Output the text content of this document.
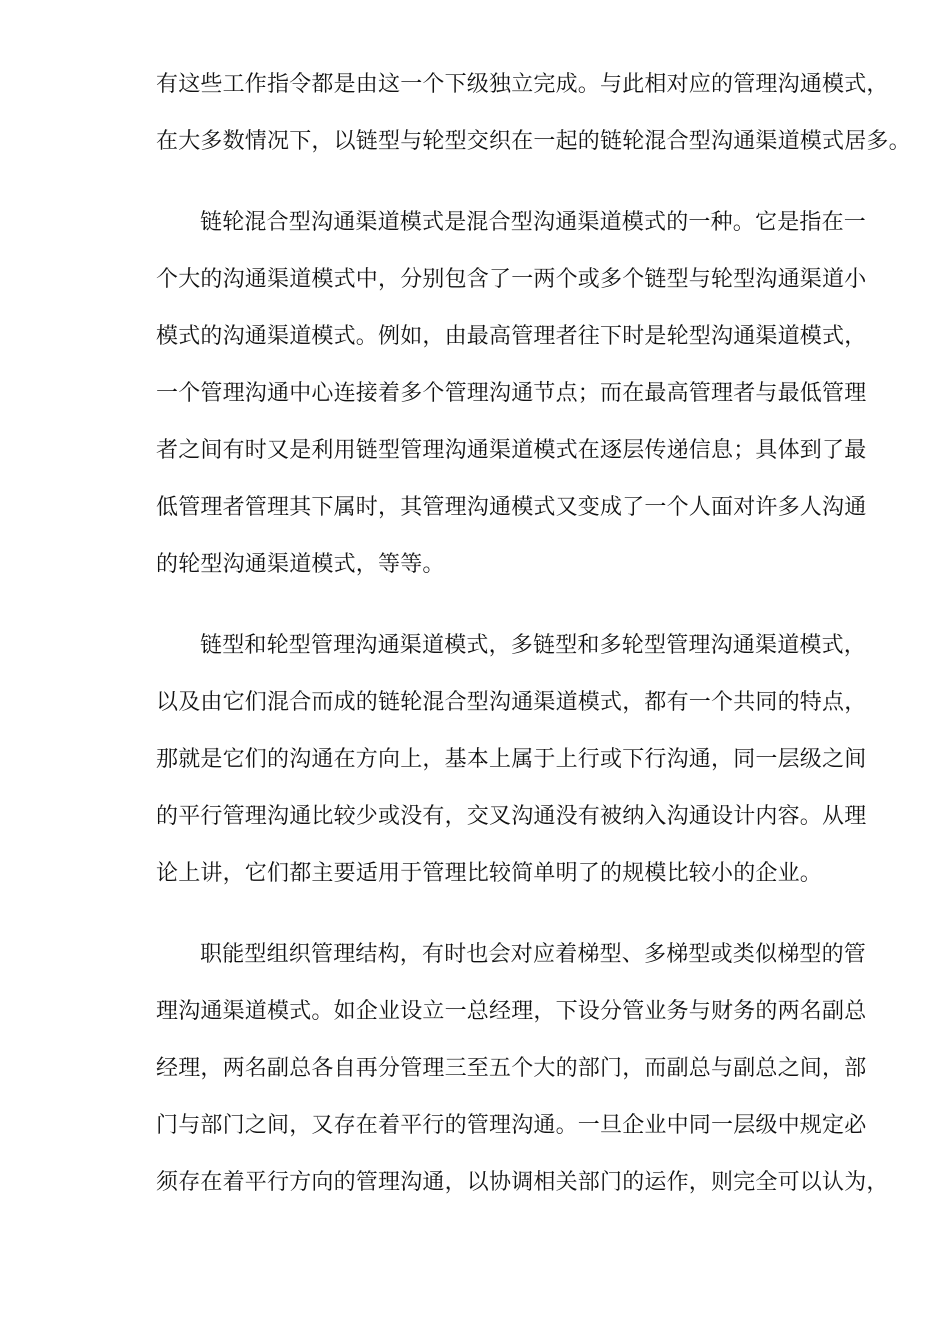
有这些工作指令都是由这一个下级独立完成。与此相对应的管理沟通模式，
在大多数情况下，以链型与轮型交织在一起的链轮混合型沟通渠道模式居多。
链轮混合型沟通渠道模式是混合型沟通渠道模式的一种。它是指在一
个大的沟通渠道模式中，分别包含了一两个或多个链型与轮型沟通渠道小
模式的沟通渠道模式。例如，由最高管理者往下时是轮型沟通渠道模式，
一个管理沟通中心连接着多个管理沟通节点；而在最高管理者与最低管理
者之间有时又是利用链型管理沟通渠道模式在逐层传递信息；具体到了最
低管理者管理其下属时，其管理沟通模式又变成了一个人面对许多人沟通
的轮型沟通渠道模式，等等。
链型和轮型管理沟通渠道模式，多链型和多轮型管理沟通渠道模式，
以及由它们混合而成的链轮混合型沟通渠道模式，都有一个共同的特点，
那就是它们的沟通在方向上，基本上属于上行或下行沟通，同一层级之间
的平行管理沟通比较少或没有，交叉沟通没有被纳入沟通设计内容。从理
论上讲，它们都主要适用于管理比较简单明了的规模比较小的企业。
职能型组织管理结构，有时也会对应着梯型、多梯型或类似梯型的管
理沟通渠道模式。如企业设立一总经理，下设分管业务与财务的两名副总
经理，两名副总各自再分管理三至五个大的部门，而副总与副总之间，部
门与部门之间，又存在着平行的管理沟通。一旦企业中同一层级中规定必
须存在着平行方向的管理沟通，以协调相关部门的运作，则完全可以认为，
